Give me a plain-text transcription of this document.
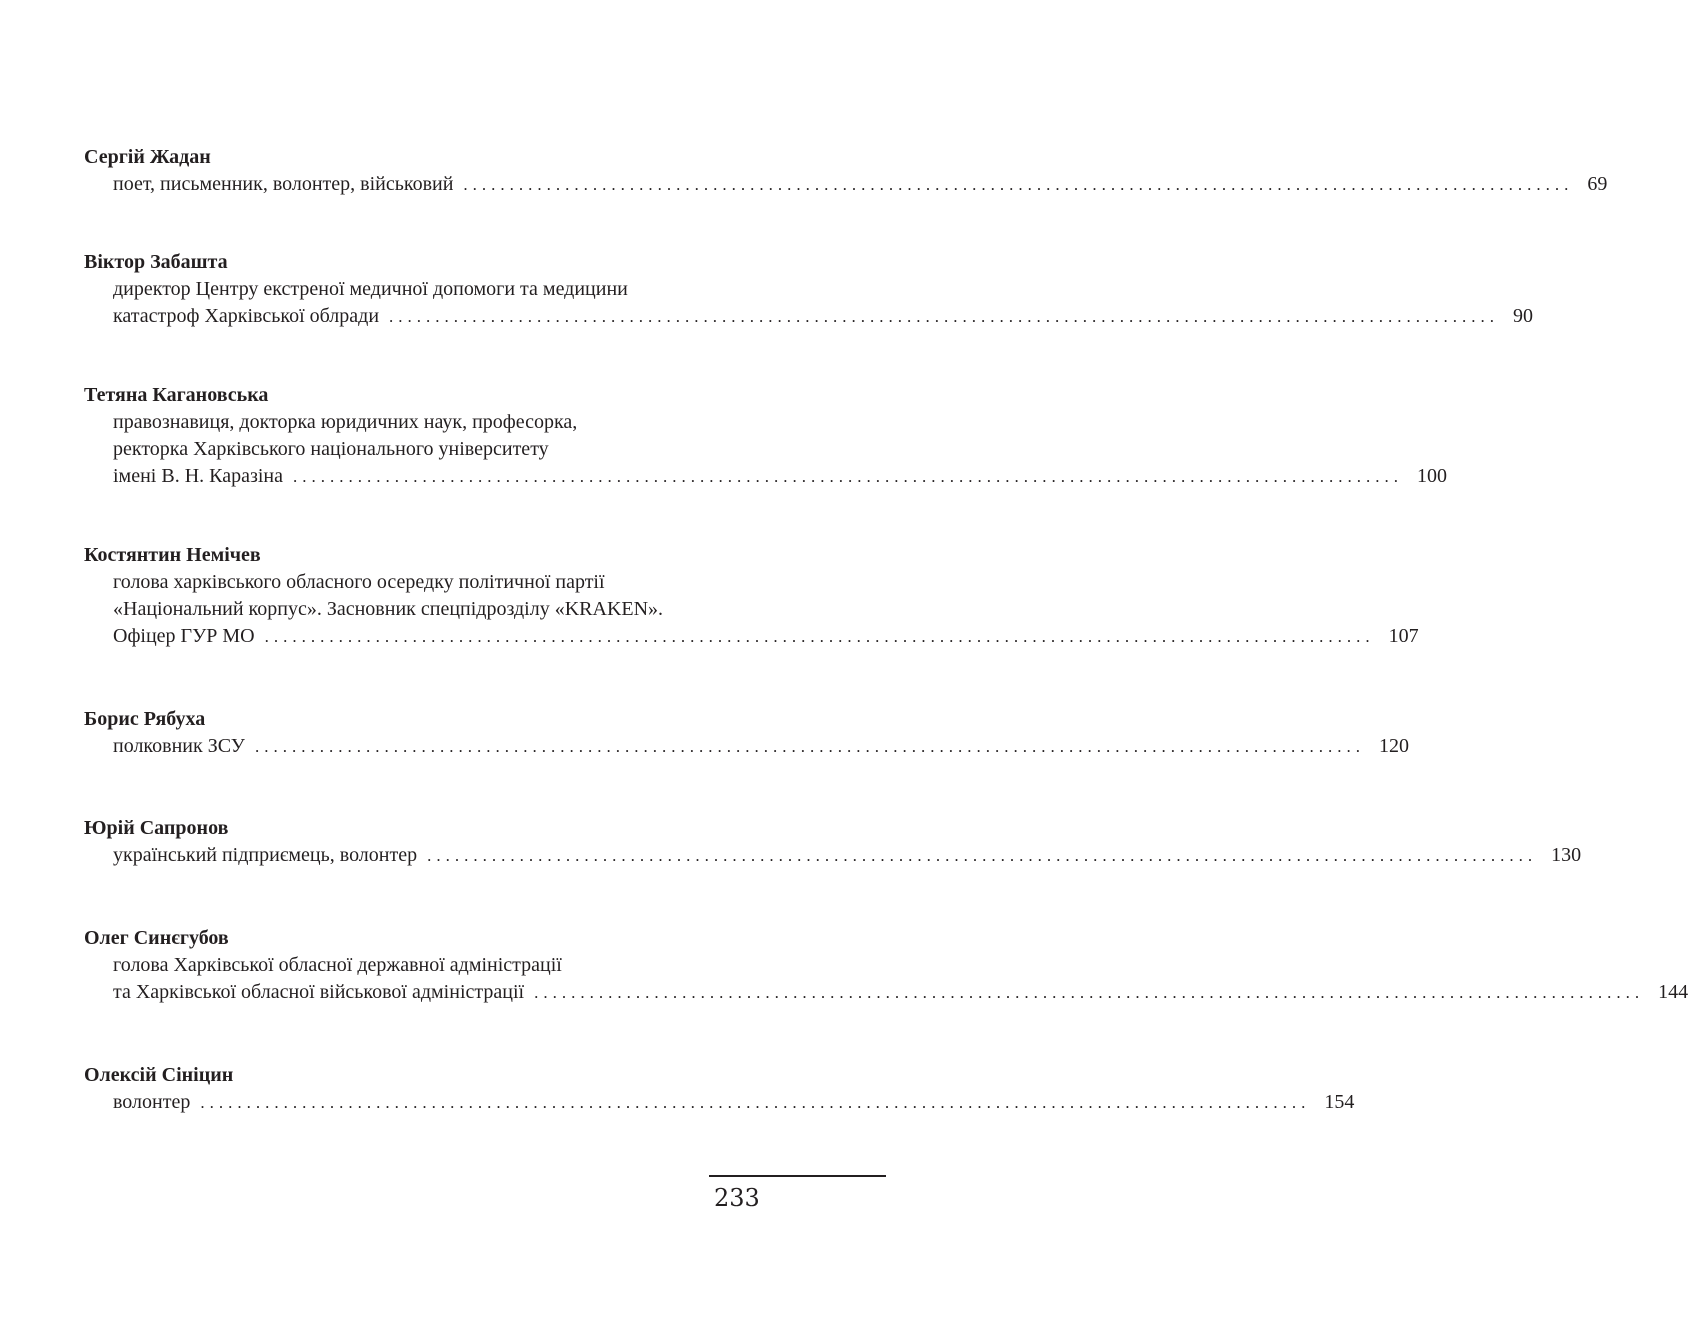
Сергій Жадан
поет, письменник, волонтер, військовий ........................................................................................................................ 69
Віктор Забашта
директор Центру екстреної медичної допомоги та медицини
катастроф Харківської облради ........................................................................................................................ 90
Тетяна Кагановська
правознавиця, докторка юридичних наук, професорка,
ректорка Харківського національного університету
імені В. Н. Каразіна ........................................................................................................................ 100
Костянтин Немічев
голова харківського обласного осередку політичної партії
«Національний корпус». Засновник спецпідрозділу «KRAKEN».
Офіцер ГУР МО ........................................................................................................................ 107
Борис Рябуха
полковник ЗСУ ........................................................................................................................ 120
Юрій Сапронов
український підприємець, волонтер ........................................................................................................................ 130
Олег Синєгубов
голова Харківської обласної державної адміністрації
та Харківської обласної військової адміністрації ........................................................................................................................ 144
Олексій Сініцин
волонтер ........................................................................................................................ 154
233
